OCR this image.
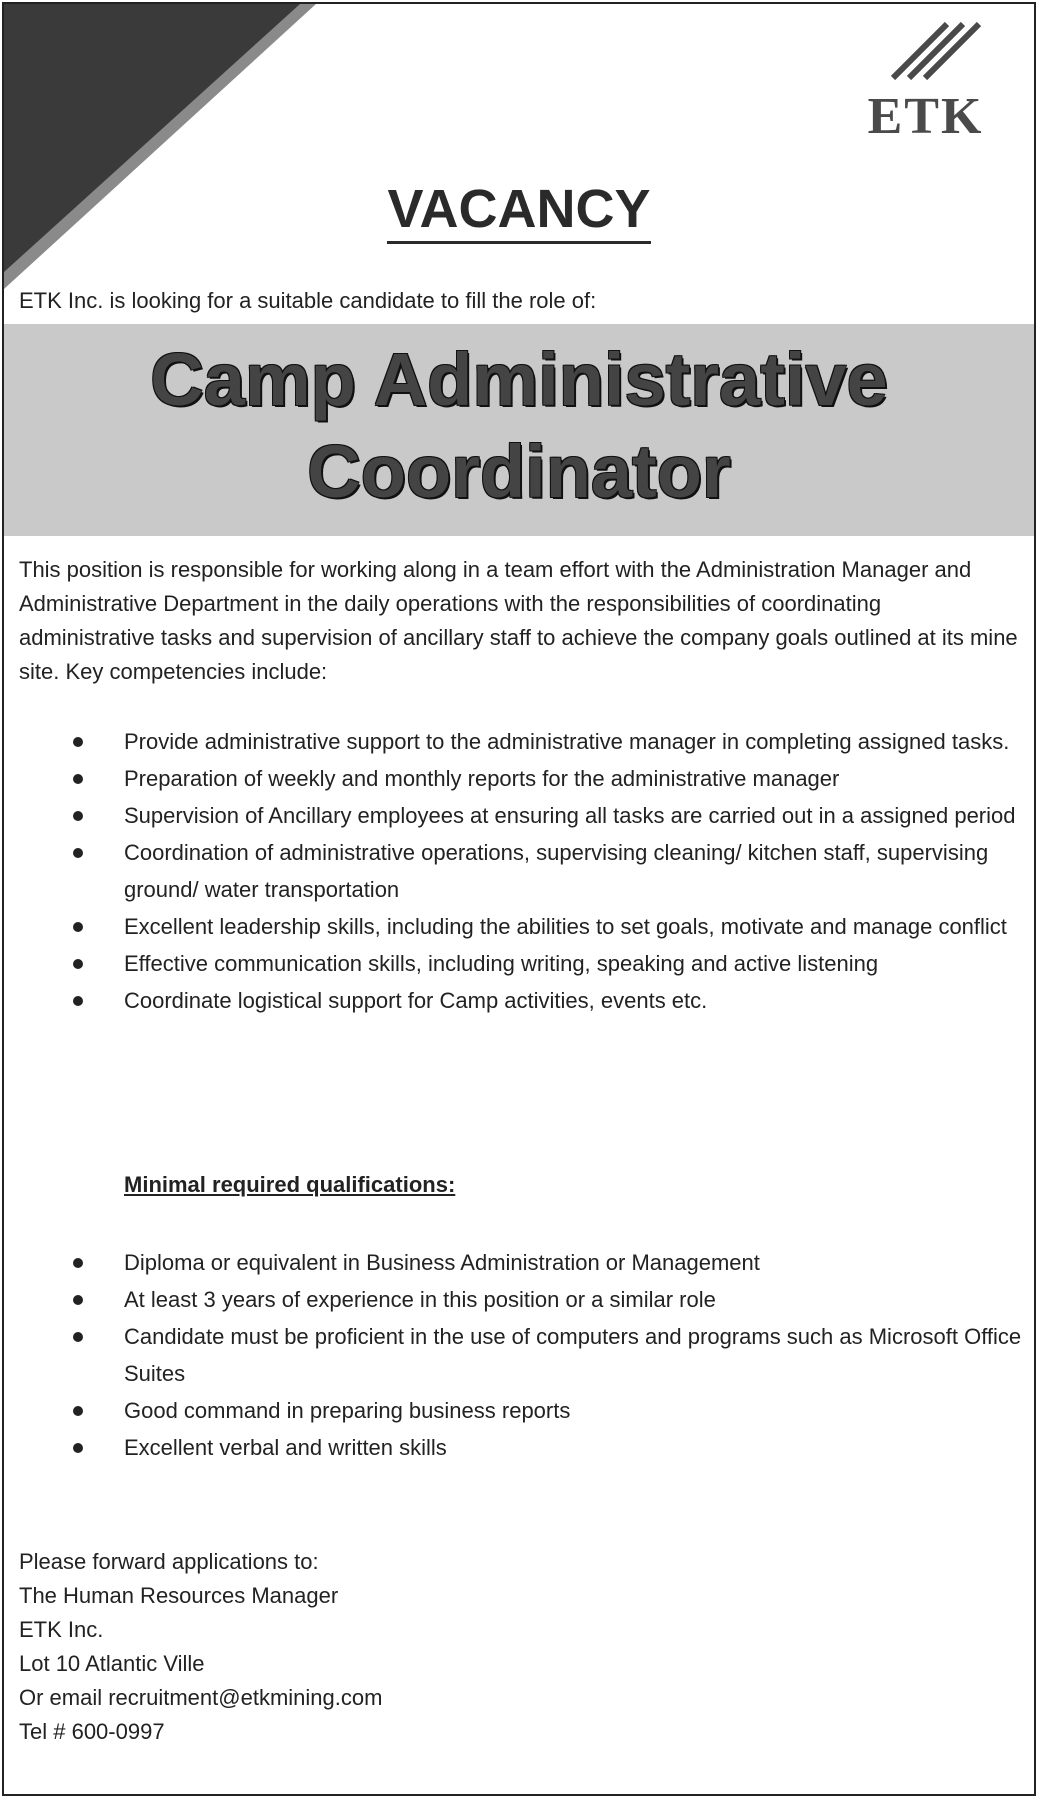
ETK
VACANCY
ETK Inc. is looking for a suitable candidate to fill the role of:
Camp Administrative
Coordinator
This position is responsible for working along in a team effort with the Administration Manager and Administrative Department in the daily operations with the responsibilities of coordinating administrative tasks and supervision of ancillary staff to achieve the company goals outlined at its mine site. Key competencies include:
Provide administrative support to the administrative manager in completing assigned tasks.
Preparation of weekly and monthly reports for the administrative manager
Supervision of Ancillary employees at ensuring all tasks are carried out in a assigned period
Coordination of administrative operations, supervising cleaning/ kitchen staff, supervising ground/ water transportation
Excellent leadership skills, including the abilities to set goals, motivate and manage conflict
Effective communication skills, including writing, speaking and active listening
Coordinate logistical support for Camp activities, events etc.
Minimal required qualifications:
Diploma or equivalent in Business Administration or Management
At least 3 years of experience in this position or a similar role
Candidate must be proficient in the use of computers and programs such as Microsoft Office Suites
Good command in preparing business reports
Excellent verbal and written skills
Please forward applications to:
The Human Resources Manager
ETK Inc.
Lot 10 Atlantic Ville
Or email recruitment@etkmining.com
Tel # 600-0997
